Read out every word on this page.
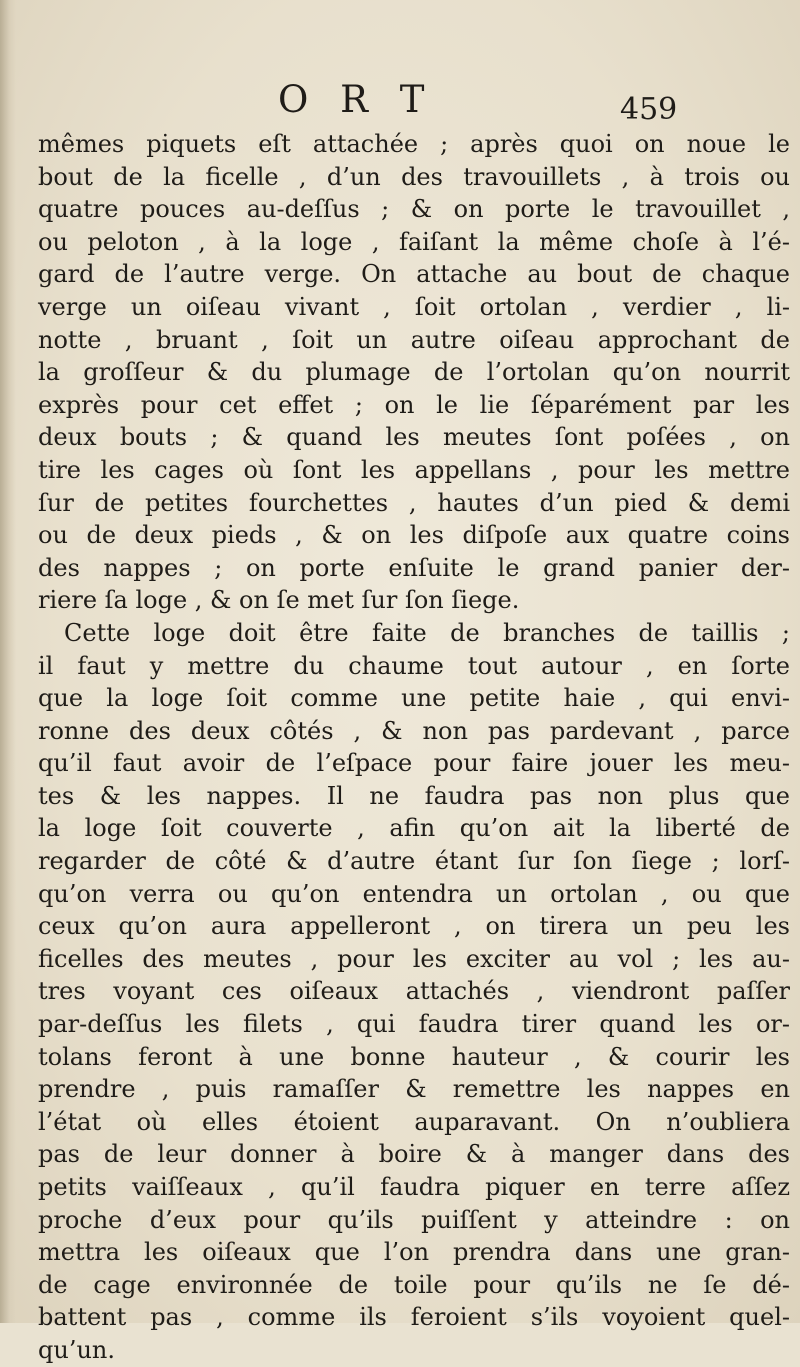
O R T	459
mêmes piquets eſt attachée ; après quoi on noue le
bout de la ficelle , d’un des travouillets , à trois ou
quatre pouces au-deſſus ; & on porte le travouillet ,
ou peloton , à la loge , faiſant la même choſe à l’é-
gard de l’autre verge. On attache au bout de chaque
verge un oiſeau vivant , ſoit ortolan , verdier , li-
notte , bruant , ſoit un autre oiſeau approchant de
la groſſeur & du plumage de l’ortolan qu’on nourrit
exprès pour cet effet ; on le lie ſéparément par les
deux bouts ; & quand les meutes ſont poſées , on
tire les cages où ſont les appellans , pour les mettre
ſur de petites fourchettes , hautes d’un pied & demi
ou de deux pieds , & on les diſpoſe aux quatre coins
des nappes ; on porte enſuite le grand panier der-
riere ſa loge , & on ſe met ſur ſon ſiege.
Cette loge doit être faite de branches de taillis ;
il faut y mettre du chaume tout autour , en ſorte
que la loge ſoit comme une petite haie , qui envi-
ronne des deux côtés , & non pas pardevant , parce
qu’il faut avoir de l’eſpace pour faire jouer les meu-
tes & les nappes. Il ne faudra pas non plus que
la loge ſoit couverte , afin qu’on ait la liberté de
regarder de côté & d’autre étant ſur ſon ſiege ; lorſ-
qu’on verra ou qu’on entendra un ortolan , ou que
ceux qu’on aura appelleront , on tirera un peu les
ficelles des meutes , pour les exciter au vol ; les au-
tres voyant ces oiſeaux attachés , viendront paſſer
par-deſſus les filets , qui faudra tirer quand les or-
tolans feront à une bonne hauteur , & courir les
prendre , puis ramaſſer & remettre les nappes en
l’état où elles étoient auparavant. On n’oubliera
pas de leur donner à boire & à manger dans des
petits vaiſſeaux , qu’il faudra piquer en terre aſſez
proche d’eux pour qu’ils puiſſent y atteindre : on
mettra les oiſeaux que l’on prendra dans une gran-
de cage environnée de toile pour qu’ils ne ſe dé-
battent pas , comme ils feroient s’ils voyoient quel-
qu’un.
